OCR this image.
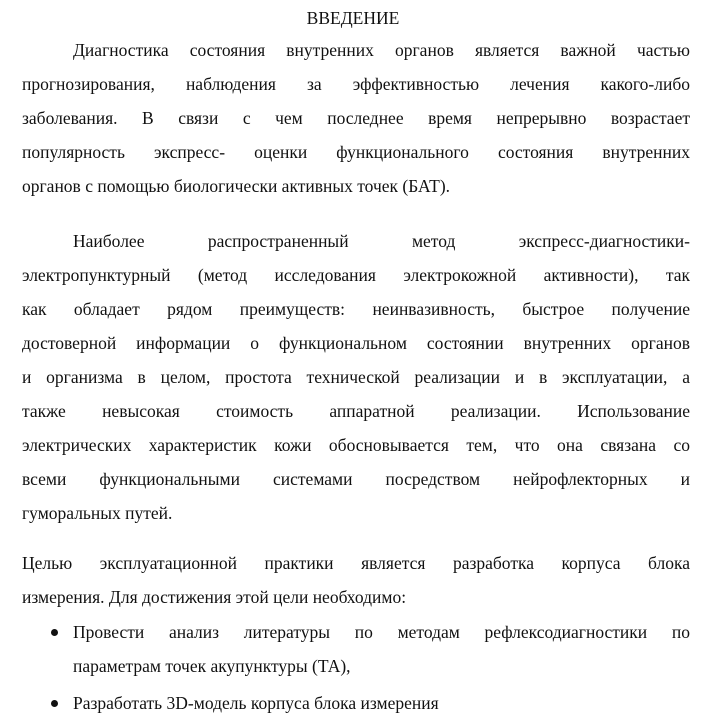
ВВЕДЕНИЕ
Диагностика состояния внутренних органов является важной частью
прогнозирования, наблюдения за эффективностью лечения какого-либо
заболевания. В связи с чем последнее время непрерывно возрастает
популярность экспресс- оценки функционального состояния внутренних
органов с помощью биологически активных точек (БАТ).
Наиболее распространенный метод экспресс-диагностики-
электропунктурный (метод исследования электрокожной активности), так
как обладает рядом преимуществ: неинвазивность, быстрое получение
достоверной информации о функциональном состоянии внутренних органов
и организма в целом, простота технической реализации и в эксплуатации, а
также невысокая стоимость аппаратной реализации. Использование
электрических характеристик кожи обосновывается тем, что она связана со
всеми функциональными системами посредством нейрофлекторных и
гуморальных путей.
Целью эксплуатационной практики является разработка корпуса блока
измерения. Для достижения этой цели необходимо:
Провести анализ литературы по методам рефлексодиагностики по
параметрам точек акупунктуры (ТА),
Разработать 3D-модель корпуса блока измерения
